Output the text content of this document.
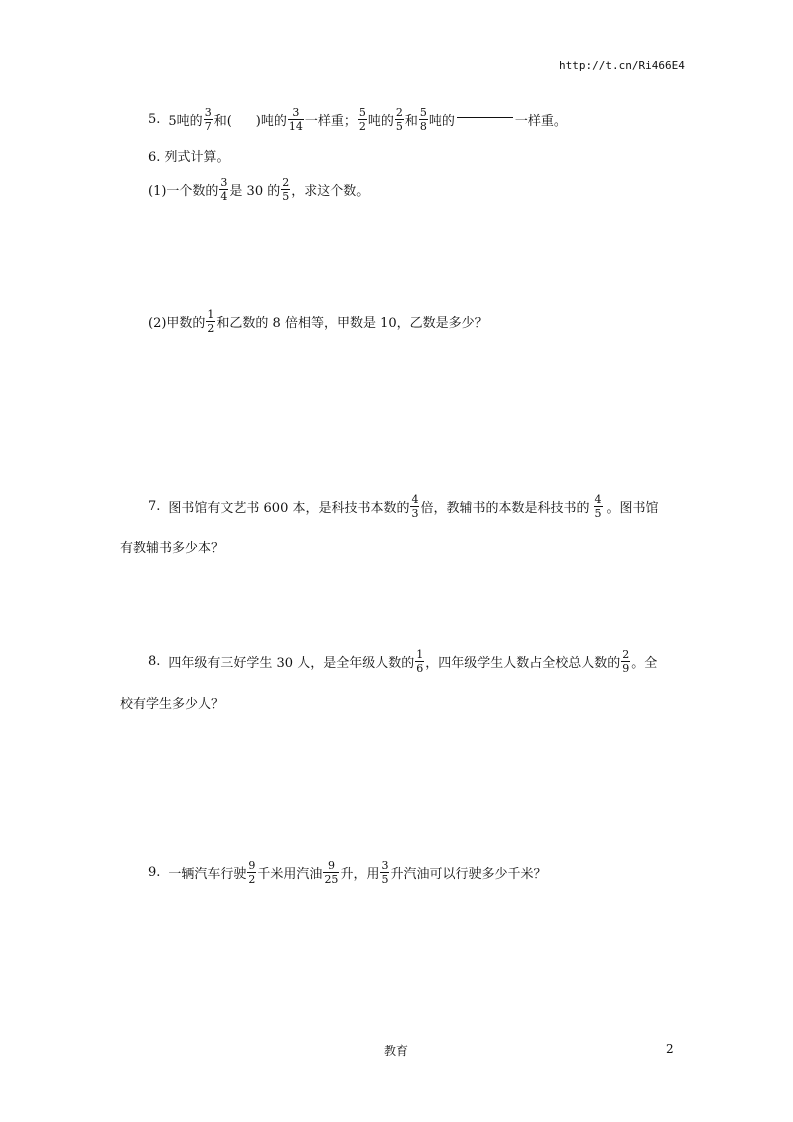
http://t.cn/Ri466E4
5. 5吨的 $\frac{3}{7}$ 和( )吨的 $\frac{3}{14}$ 一样重； $\frac{5}{2}$ 吨的 $\frac{2}{5}$ 和 $\frac{5}{8}$ 吨的	一样重。
6. 列式计算。
(1)一个数的 $\frac{3}{4}$ 是 30 的 $\frac{2}{5}$ ，求这个数。
(2)甲数的 $\frac{1}{2}$ 和乙数的 8 倍相等，甲数是 10，乙数是多少？
7. 图书馆有文艺书 600 本，是科技书本数的 $\frac{4}{3}$ 倍，教辅书的本数是科技书的 $\frac{4}{5}$ 。图书馆
有教辅书多少本？
8. 四年级有三好学生 30 人，是全年级人数的 $\frac{1}{6}$ ，四年级学生人数占全校总人数的 $\frac{2}{9}$ 。全
校有学生多少人？
9. 一辆汽车行驶 $\frac{9}{2}$ 千米用汽油 $\frac{9}{25}$ 升，用 $\frac{3}{5}$ 升汽油可以行驶多少千米？
教育	2
